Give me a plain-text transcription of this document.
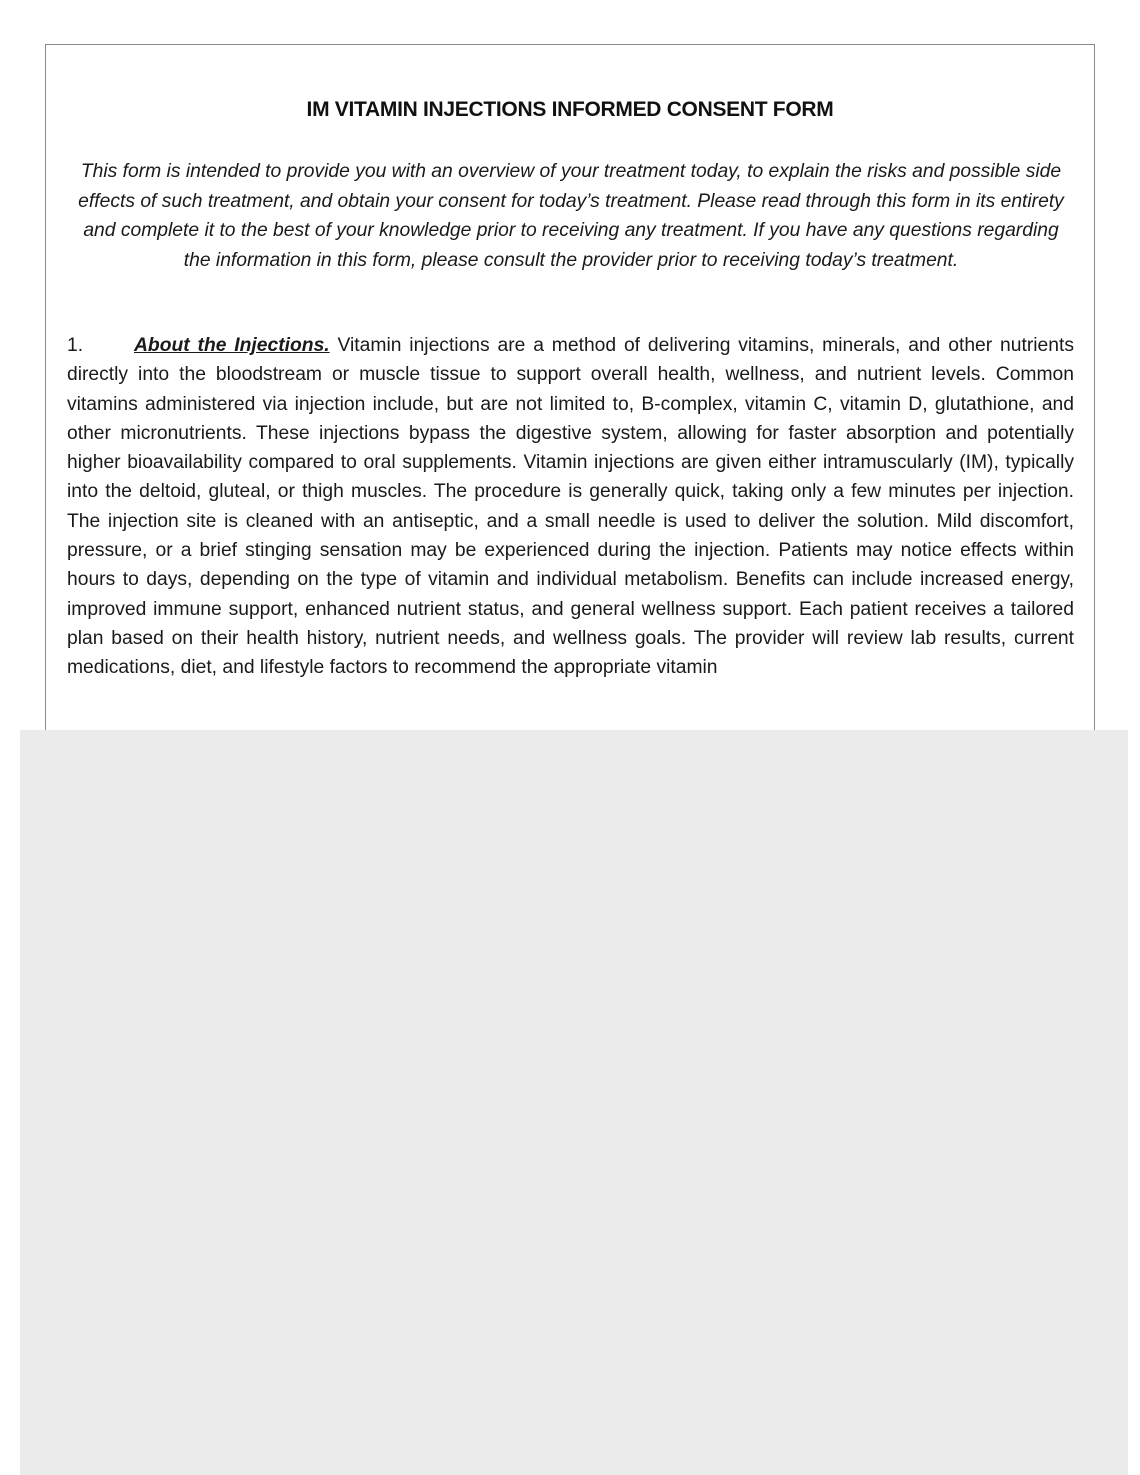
IM VITAMIN INJECTIONS INFORMED CONSENT FORM
This form is intended to provide you with an overview of your treatment today, to explain the risks and possible side effects of such treatment, and obtain your consent for today’s treatment. Please read through this form in its entirety and complete it to the best of your knowledge prior to receiving any treatment. If you have any questions regarding the information in this form, please consult the provider prior to receiving today’s treatment.
1.	About the Injections. Vitamin injections are a method of delivering vitamins, minerals, and other nutrients directly into the bloodstream or muscle tissue to support overall health, wellness, and nutrient levels. Common vitamins administered via injection include, but are not limited to, B-complex, vitamin C, vitamin D, glutathione, and other micronutrients. These injections bypass the digestive system, allowing for faster absorption and potentially higher bioavailability compared to oral supplements. Vitamin injections are given either intramuscularly (IM), typically into the deltoid, gluteal, or thigh muscles. The procedure is generally quick, taking only a few minutes per injection. The injection site is cleaned with an antiseptic, and a small needle is used to deliver the solution. Mild discomfort, pressure, or a brief stinging sensation may be experienced during the injection. Patients may notice effects within hours to days, depending on the type of vitamin and individual metabolism. Benefits can include increased energy, improved immune support, enhanced nutrient status, and general wellness support. Each patient receives a tailored plan based on their health history, nutrient needs, and wellness goals. The provider will review lab results, current medications, diet, and lifestyle factors to recommend the appropriate vitamin
